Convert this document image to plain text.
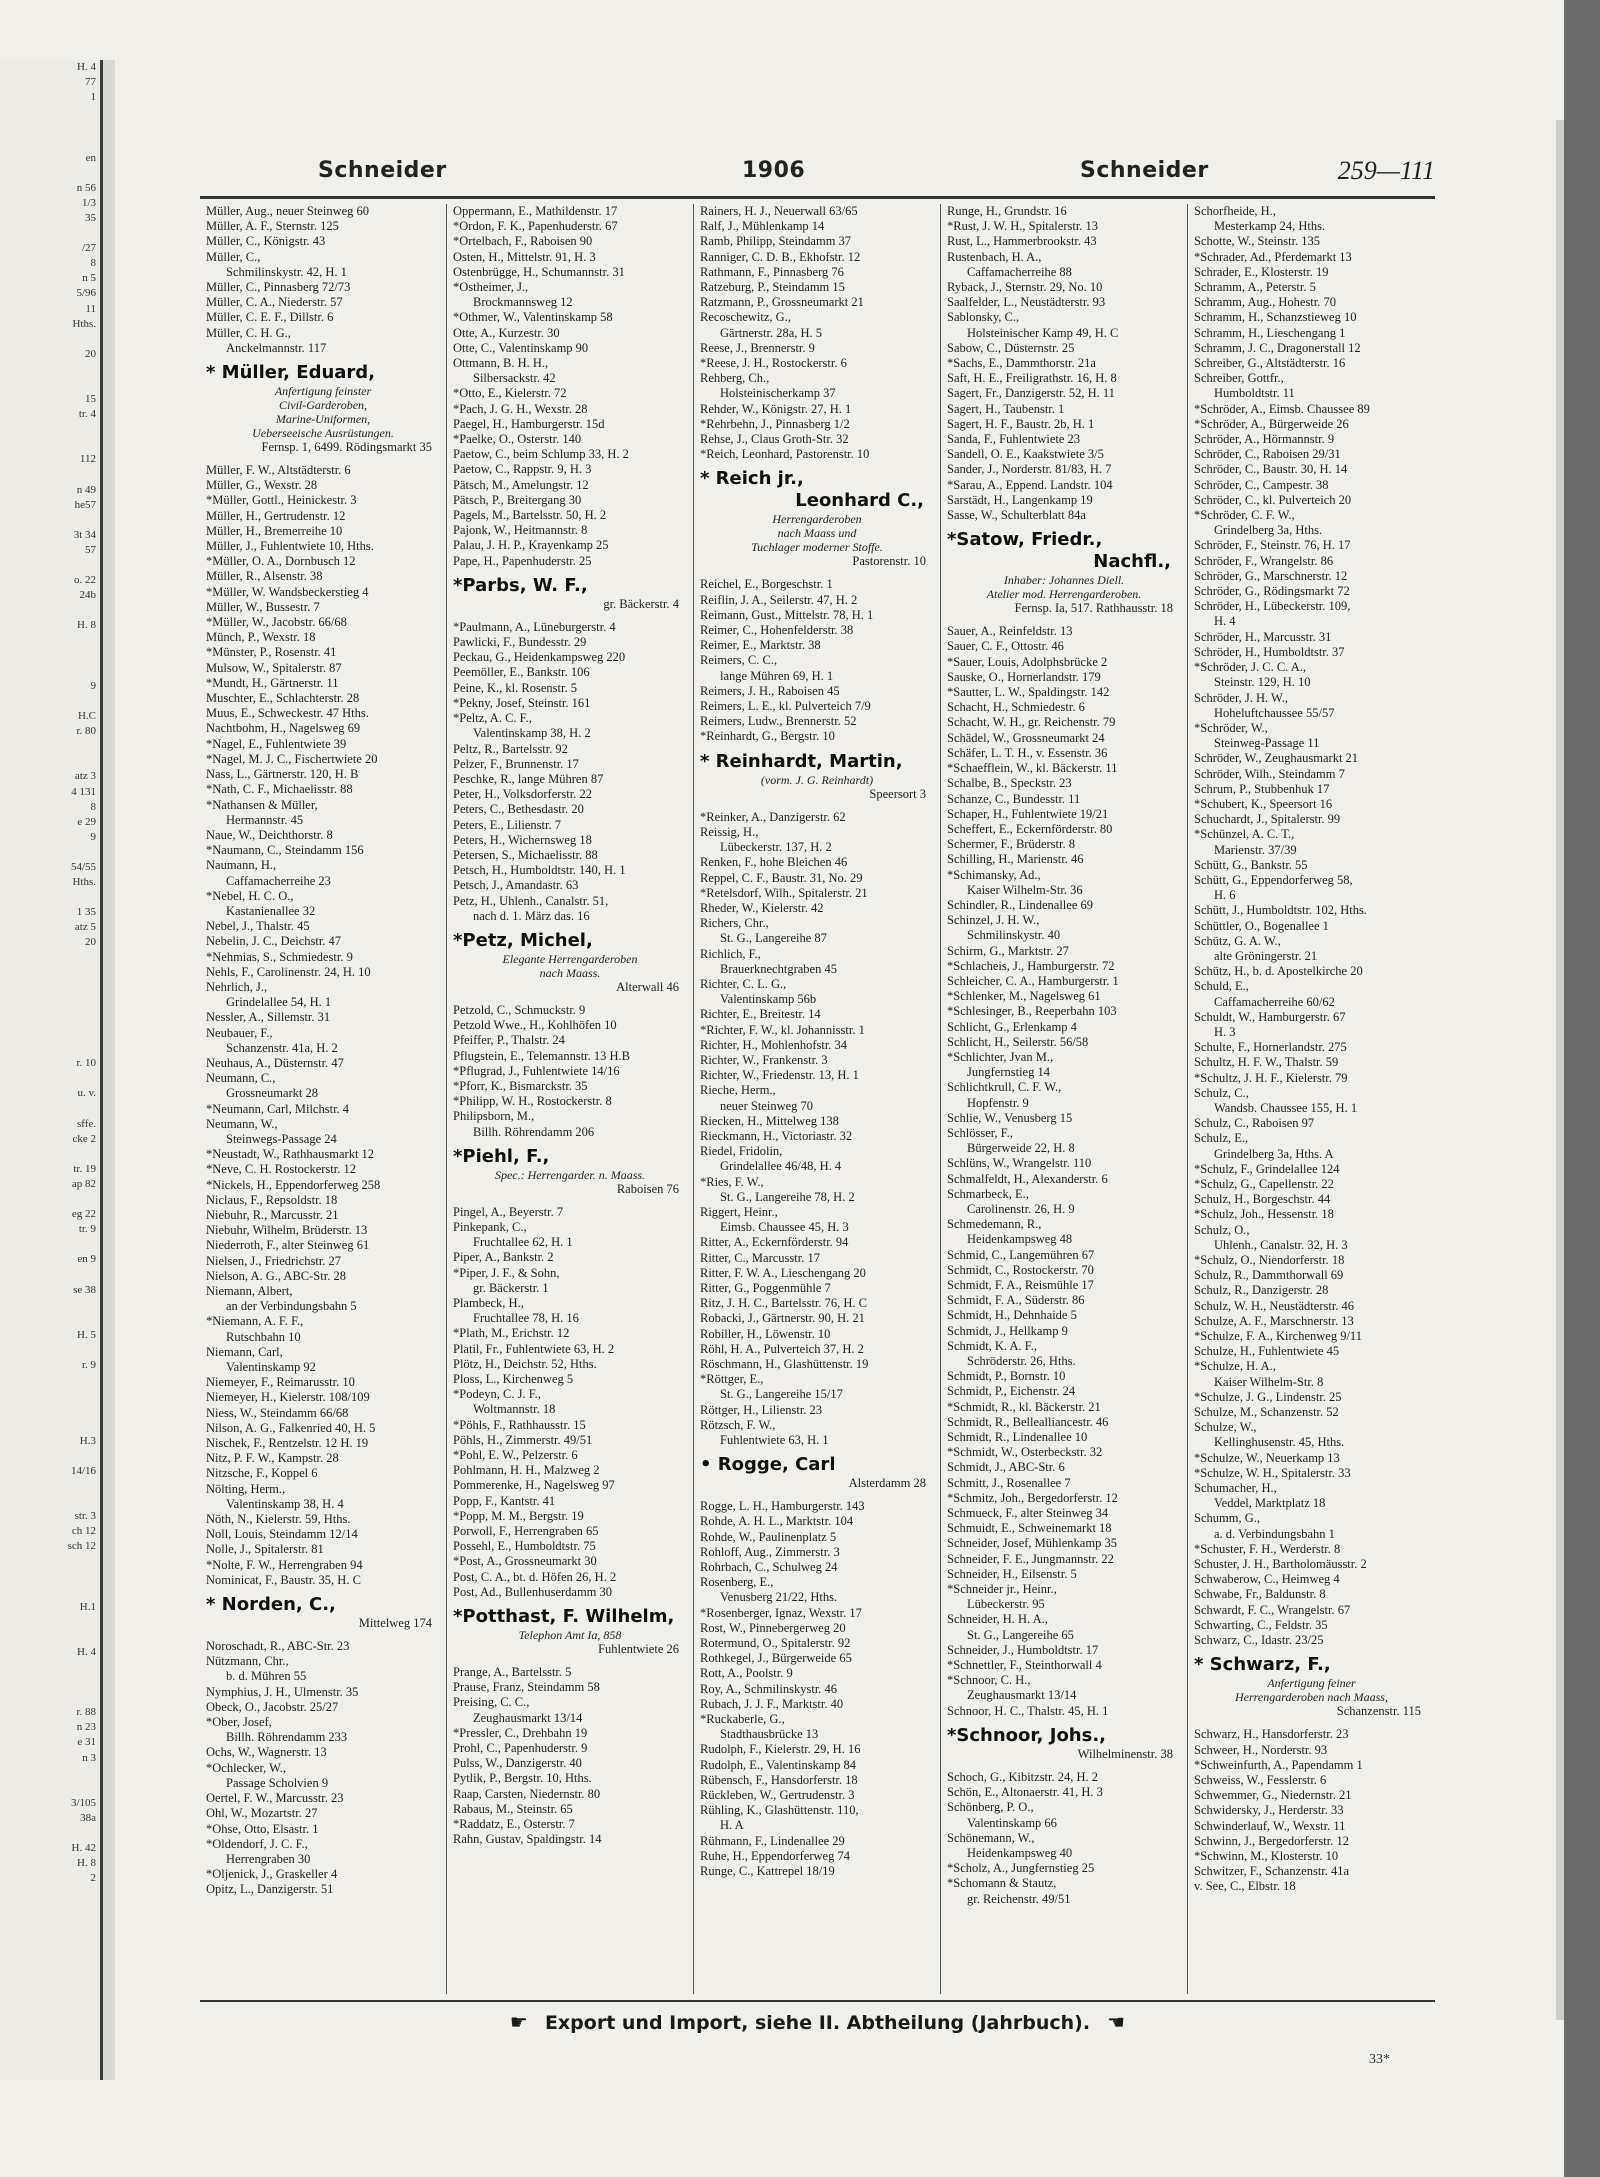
H. 4
77
1

en

n 56
1/3
35

/27
8
n 5
5/96
11
Hths.

20

15
tr. 4

112

n 49
he57

3t 34
57

o. 22
24b

H. 8

9

H.C
r. 80

atz 3
4 131
8
e 29
9

54/55
Hths.

1 35
atz 5
20

r. 10

u. v.

sffe.
cke 2

tr. 19
ap 82

eg 22
tr. 9

en 9

se 38

H. 5

r. 9

H.3

14/16

str. 3
ch 12
sch 12

H.1

H. 4

r. 88
n 23
e 31
n 3

3/105
38a

H. 42
H. 8
2
Schneider	1906	Schneider	259—111
Müller, Aug., neuer Steinweg 60
Müller, A. F., Sternstr. 125
Müller, C., Königstr. 43
Müller, C.,
Schmilinskystr. 42, H. 1
Müller, C., Pinnasberg 72/73
Müller, C. A., Niederstr. 57
Müller, C. E. F., Dillstr. 6
Müller, C. H. G.,
Anckelmannstr. 117
* Müller, Eduard,
Anfertigung feinster
Civil-Garderoben,
Marine-Uniformen,
Ueberseeische Ausrüstungen.
Fernsp. 1, 6499. Rödingsmarkt 35
Müller, F. W., Altstädterstr. 6
Müller, G., Wexstr. 28
*Müller, Gottl., Heinickestr. 3
Müller, H., Gertrudenstr. 12
Müller, H., Bremerreihe 10
Müller, J., Fuhlentwiete 10, Hths.
*Müller, O. A., Dornbusch 12
Müller, R., Alsenstr. 38
*Müller, W. Wandsbeckerstieg 4
Müller, W., Bussestr. 7
*Müller, W., Jacobstr. 66/68
Münch, P., Wexstr. 18
*Münster, P., Rosenstr. 41
Mulsow, W., Spitalerstr. 87
*Mundt, H., Gärtnerstr. 11
Muschter, E., Schlachterstr. 28
Muus, E., Schweckestr. 47 Hths.
Nachtbohm, H., Nagelsweg 69
*Nagel, E., Fuhlentwiete 39
*Nagel, M. J. C., Fischertwiete 20
Nass, L., Gärtnerstr. 120, H. B
*Nath, C. F., Michaelisstr. 88
*Nathansen & Müller,
Hermannstr. 45
Naue, W., Deichthorstr. 8
*Naumann, C., Steindamm 156
Naumann, H.,
Caffamacherreihe 23
*Nebel, H. C. O.,
Kastanienallee 32
Nebel, J., Thalstr. 45
Nebelin, J. C., Deichstr. 47
*Nehmias, S., Schmiedestr. 9
Nehls, F., Carolinenstr. 24, H. 10
Nehrlich, J.,
Grindelallee 54, H. 1
Nessler, A., Sillemstr. 31
Neubauer, F.,
Schanzenstr. 41a, H. 2
Neuhaus, A., Düsternstr. 47
Neumann, C.,
Grossneumarkt 28
*Neumann, Carl, Milchstr. 4
Neumann, W.,
Steinwegs-Passage 24
*Neustadt, W., Rathhausmarkt 12
*Neve, C. H. Rostockerstr. 12
*Nickels, H., Eppendorferweg 258
Niclaus, F., Repsoldstr. 18
Niebuhr, R., Marcusstr. 21
Niebuhr, Wilhelm, Brüderstr. 13
Niederroth, F., alter Steinweg 61
Nielsen, J., Friedrichstr. 27
Nielson, A. G., ABC-Str. 28
Niemann, Albert,
an der Verbindungsbahn 5
*Niemann, A. F. F.,
Rutschbahn 10
Niemann, Carl,
Valentinskamp 92
Niemeyer, F., Reimarusstr. 10
Niemeyer, H., Kielerstr. 108/109
Niess, W., Steindamm 66/68
Nilson, A. G., Falkenried 40, H. 5
Nischek, F., Rentzelstr. 12 H. 19
Nitz, P. F. W., Kampstr. 28
Nitzsche, F., Koppel 6
Nölting, Herm.,
Valentinskamp 38, H. 4
Nöth, N., Kielerstr. 59, Hths.
Noll, Louis, Steindamm 12/14
Nolle, J., Spitalerstr. 81
*Nolte, F. W., Herrengraben 94
Nominicat, F., Baustr. 35, H. C
* Norden, C.,
Mittelweg 174
Noroschadt, R., ABC-Str. 23
Nützmann, Chr.,
b. d. Mühren 55
Nymphius, J. H., Ulmenstr. 35
Obeck, O., Jacobstr. 25/27
*Ober, Josef,
Billh. Röhrendamm 233
Ochs, W., Wagnerstr. 13
*Ochlecker, W.,
Passage Scholvien 9
Oertel, F. W., Marcusstr. 23
Ohl, W., Mozartstr. 27
*Ohse, Otto, Elsastr. 1
*Oldendorf, J. C. F.,
Herrengraben 30
*Oljenick, J., Graskeller 4
Opitz, L., Danzigerstr. 51
Oppermann, E., Mathildenstr. 17
*Ordon, F. K., Papenhuderstr. 67
*Ortelbach, F., Raboisen 90
Osten, H., Mittelstr. 91, H. 3
Ostenbrügge, H., Schumannstr. 31
*Ostheimer, J.,
Brockmannsweg 12
*Othmer, W., Valentinskamp 58
Otte, A., Kurzestr. 30
Otte, C., Valentinskamp 90
Ottmann, B. H. H.,
Silbersackstr. 42
*Otto, E., Kielerstr. 72
*Pach, J. G. H., Wexstr. 28
Paegel, H., Hamburgerstr. 15d
*Paelke, O., Osterstr. 140
Paetow, C., beim Schlump 33, H. 2
Paetow, C., Rappstr. 9, H. 3
Pätsch, M., Amelungstr. 12
Pätsch, P., Breitergang 30
Pagels, M., Bartelsstr. 50, H. 2
Pajonk, W., Heitmannstr. 8
Palau, J. H. P., Krayenkamp 25
Pape, H., Papenhuderstr. 25
*Parbs, W. F.,
gr. Bäckerstr. 4
*Paulmann, A., Lüneburgerstr. 4
Pawlicki, F., Bundesstr. 29
Peckau, G., Heidenkampsweg 220
Peemöller, E., Bankstr. 106
Peine, K., kl. Rosenstr. 5
*Pekny, Josef, Steinstr. 161
*Peltz, A. C. F.,
Valentinskamp 38, H. 2
Peltz, R., Bartelsstr. 92
Pelzer, F., Brunnenstr. 17
Peschke, R., lange Mühren 87
Peter, H., Volksdorferstr. 22
Peters, C., Bethesdastr. 20
Peters, E., Lilienstr. 7
Peters, H., Wichernsweg 18
Petersen, S., Michaelisstr. 88
Petsch, H., Humboldtstr. 140, H. 1
Petsch, J., Amandastr. 63
Petz, H., Uhlenh., Canalstr. 51,
nach d. 1. März das. 16
*Petz, Michel,
Elegante Herrengarderoben
nach Maass.
Alterwall 46
Petzold, C., Schmuckstr. 9
Petzold Wwe., H., Kohlhöfen 10
Pfeiffer, P., Thalstr. 24
Pflugstein, E., Telemannstr. 13 H.B
*Pflugrad, J., Fuhlentwiete 14/16
*Pforr, K., Bismarckstr. 35
*Philipp, W. H., Rostockerstr. 8
Philipsborn, M.,
Billh. Röhrendamm 206
*Piehl, F.,
Spec.: Herrengarder. n. Maass.
Raboisen 76
Pingel, A., Beyerstr. 7
Pinkepank, C.,
Fruchtallee 62, H. 1
Piper, A., Bankstr. 2
*Piper, J. F., & Sohn,
gr. Bäckerstr. 1
Plambeck, H.,
Fruchtallee 78, H. 16
*Plath, M., Erichstr. 12
Platil, Fr., Fuhlentwiete 63, H. 2
Plötz, H., Deichstr. 52, Hths.
Ploss, L., Kirchenweg 5
*Podeyn, C. J. F.,
Woltmannstr. 18
*Pöhls, F., Rathhausstr. 15
Pöhls, H., Zimmerstr. 49/51
*Pohl, E. W., Pelzerstr. 6
Pohlmann, H. H., Malzweg 2
Pommerenke, H., Nagelsweg 97
Popp, F., Kantstr. 41
*Popp, M. M., Bergstr. 19
Porwoll, F., Herrengraben 65
Possehl, E., Humboldtstr. 75
*Post, A., Grossneumarkt 30
Post, C. A., bt. d. Höfen 26, H. 2
Post, Ad., Bullenhuserdamm 30
*Potthast, F. Wilhelm,
Telephon Amt Ia, 858
Fuhlentwiete 26
Prange, A., Bartelsstr. 5
Prause, Franz, Steindamm 58
Preising, C. C.,
Zeughausmarkt 13/14
*Pressler, C., Drehbahn 19
Prohl, C., Papenhuderstr. 9
Pulss, W., Danzigerstr. 40
Pytlik, P., Bergstr. 10, Hths.
Raap, Carsten, Niedernstr. 80
Rabaus, M., Steinstr. 65
*Raddatz, E., Osterstr. 7
Rahn, Gustav, Spaldingstr. 14
Rainers, H. J., Neuerwall 63/65
Ralf, J., Mühlenkamp 14
Ramb, Philipp, Steindamm 37
Ranniger, C. D. B., Ekhofstr. 12
Rathmann, F., Pinnasberg 76
Ratzeburg, P., Steindamm 15
Ratzmann, P., Grossneumarkt 21
Recoschewitz, G.,
Gärtnerstr. 28a, H. 5
Reese, J., Brennerstr. 9
*Reese, J. H., Rostockerstr. 6
Rehberg, Ch.,
Holsteinischerkamp 37
Rehder, W., Königstr. 27, H. 1
*Rehrbehn, J., Pinnasberg 1/2
Rehse, J., Claus Groth-Str. 32
*Reich, Leonhard, Pastorenstr. 10
* Reich jr.,
Leonhard C.,
Herrengarderoben
nach Maass und
Tuchlager moderner Stoffe.
Pastorenstr. 10
Reichel, E., Borgeschstr. 1
Reiflin, J. A., Seilerstr. 47, H. 2
Reimann, Gust., Mittelstr. 78, H. 1
Reimer, C., Hohenfelderstr. 38
Reimer, E., Marktstr. 38
Reimers, C. C.,
lange Mühren 69, H. 1
Reimers, J. H., Raboisen 45
Reimers, L. E., kl. Pulverteich 7/9
Reimers, Ludw., Brennerstr. 52
*Reinhardt, G., Bergstr. 10
* Reinhardt, Martin,
(vorm. J. G. Reinhardt)
Speersort 3
*Reinker, A., Danzigerstr. 62
Reissig, H.,
Lübeckerstr. 137, H. 2
Renken, F., hohe Bleichen 46
Reppel, C. F., Baustr. 31, No. 29
*Retelsdorf, Wilh., Spitalerstr. 21
Rheder, W., Kielerstr. 42
Richers, Chr.,
St. G., Langereihe 87
Richlich, F.,
Brauerknechtgraben 45
Richter, C. L. G.,
Valentinskamp 56b
Richter, E., Breitestr. 14
*Richter, F. W., kl. Johannisstr. 1
Richter, H., Mohlenhofstr. 34
Richter, W., Frankenstr. 3
Richter, W., Friedenstr. 13, H. 1
Rieche, Herm.,
neuer Steinweg 70
Riecken, H., Mittelweg 138
Rieckmann, H., Victoriastr. 32
Riedel, Fridolin,
Grindelallee 46/48, H. 4
*Ries, F. W.,
St. G., Langereihe 78, H. 2
Riggert, Heinr.,
Eimsb. Chaussee 45, H. 3
Ritter, A., Eckernförderstr. 94
Ritter, C., Marcusstr. 17
Ritter, F. W. A., Lieschengang 20
Ritter, G., Poggenmühle 7
Ritz, J. H. C., Bartelsstr. 76, H. C
Robacki, J., Gärtnerstr. 90, H. 21
Robiller, H., Löwenstr. 10
Röhl, H. A., Pulverteich 37, H. 2
Röschmann, H., Glashüttenstr. 19
*Röttger, E.,
St. G., Langereihe 15/17
Röttger, H., Lilienstr. 23
Rötzsch, F. W.,
Fuhlentwiete 63, H. 1
• Rogge, Carl
Alsterdamm 28
Rogge, L. H., Hamburgerstr. 143
Rohde, A. H. L., Marktstr. 104
Rohde, W., Paulinenplatz 5
Rohloff, Aug., Zimmerstr. 3
Rohrbach, C., Schulweg 24
Rosenberg, E.,
Venusberg 21/22, Hths.
*Rosenberger, Ignaz, Wexstr. 17
Rost, W., Pinnebergerweg 20
Rotermund, O., Spitalerstr. 92
Rothkegel, J., Bürgerweide 65
Rott, A., Poolstr. 9
Roy, A., Schmilinskystr. 46
Rubach, J. J. F., Marktstr. 40
*Ruckaberle, G.,
Stadthausbrücke 13
Rudolph, F., Kielerstr. 29, H. 16
Rudolph, E., Valentinskamp 84
Rübensch, F., Hansdorferstr. 18
Rückleben, W., Gertrudenstr. 3
Rühling, K., Glashüttenstr. 110,
H. A
Rühmann, F., Lindenallee 29
Ruhe, H., Eppendorferweg 74
Runge, C., Kattrepel 18/19
Runge, H., Grundstr. 16
*Rust, J. W. H., Spitalerstr. 13
Rust, L., Hammerbrookstr. 43
Rustenbach, H. A.,
Caffamacherreihe 88
Ryback, J., Sternstr. 29, No. 10
Saalfelder, L., Neustädterstr. 93
Sablonsky, C.,
Holsteinischer Kamp 49, H. C
Sabow, C., Düsternstr. 25
*Sachs, E., Dammthorstr. 21a
Saft, H. E., Freiligrathstr. 16, H. 8
Sagert, Fr., Danzigerstr. 52, H. 11
Sagert, H., Taubenstr. 1
Sagert, H. F., Baustr. 2b, H. 1
Sanda, F., Fuhlentwiete 23
Sandell, O. E., Kaakstwiete 3/5
Sander, J., Norderstr. 81/83, H. 7
*Sarau, A., Eppend. Landstr. 104
Sarstädt, H., Langenkamp 19
Sasse, W., Schulterblatt 84a
*Satow, Friedr.,
Nachfl.,
Inhaber: Johannes Diell.
Atelier mod. Herrengarderoben.
Fernsp. Ia, 517. Rathhausstr. 18
Sauer, A., Reinfeldstr. 13
Sauer, C. F., Ottostr. 46
*Sauer, Louis, Adolphsbrücke 2
Sauske, O., Hornerlandstr. 179
*Sautter, L. W., Spaldingstr. 142
Schacht, H., Schmiedestr. 6
Schacht, W. H., gr. Reichenstr. 79
Schädel, W., Grossneumarkt 24
Schäfer, L. T. H., v. Essenstr. 36
*Schaefflein, W., kl. Bäckerstr. 11
Schalbe, B., Speckstr. 23
Schanze, C., Bundesstr. 11
Schaper, H., Fuhlentwiete 19/21
Scheffert, E., Eckernförderstr. 80
Schermer, F., Brüderstr. 8
Schilling, H., Marienstr. 46
*Schimansky, Ad.,
Kaiser Wilhelm-Str. 36
Schindler, R., Lindenallee 69
Schinzel, J. H. W.,
Schmilinskystr. 40
Schirm, G., Marktstr. 27
*Schlacheis, J., Hamburgerstr. 72
Schleicher, C. A., Hamburgerstr. 1
*Schlenker, M., Nagelsweg 61
*Schlesinger, B., Reeperbahn 103
Schlicht, G., Erlenkamp 4
Schlicht, H., Seilerstr. 56/58
*Schlichter, Jvan M.,
Jungfernstieg 14
Schlichtkrull, C. F. W.,
Hopfenstr. 9
Schlie, W., Venusberg 15
Schlösser, F.,
Bürgerweide 22, H. 8
Schlüns, W., Wrangelstr. 110
Schmalfeldt, H., Alexanderstr. 6
Schmarbeck, E.,
Carolinenstr. 26, H. 9
Schmedemann, R.,
Heidenkampsweg 48
Schmid, C., Langemühren 67
Schmidt, C., Rostockerstr. 70
Schmidt, F. A., Reismühle 17
Schmidt, F. A., Süderstr. 86
Schmidt, H., Dehnhaide 5
Schmidt, J., Hellkamp 9
Schmidt, K. A. F.,
Schröderstr. 26, Hths.
Schmidt, P., Bornstr. 10
Schmidt, P., Eichenstr. 24
*Schmidt, R., kl. Bäckerstr. 21
Schmidt, R., Bellealliancestr. 46
Schmidt, R., Lindenallee 10
*Schmidt, W., Osterbeckstr. 32
Schmidt, J., ABC-Str. 6
Schmitt, J., Rosenallee 7
*Schmitz, Joh., Bergedorferstr. 12
Schmueck, F., alter Steinweg 34
Schmuidt, E., Schweinemarkt 18
Schneider, Josef, Mühlenkamp 35
Schneider, F. E., Jungmannstr. 22
Schneider, H., Eilsenstr. 5
*Schneider jr., Heinr.,
Lübeckerstr. 95
Schneider, H. H. A.,
St. G., Langereihe 65
Schneider, J., Humboldtstr. 17
*Schnettler, F., Steinthorwall 4
*Schnoor, C. H.,
Zeughausmarkt 13/14
Schnoor, H. C., Thalstr. 45, H. 1
*Schnoor, Johs.,
Wilhelminenstr. 38
Schoch, G., Kibitzstr. 24, H. 2
Schön, E., Altonaerstr. 41, H. 3
Schönberg, P. O.,
Valentinskamp 66
Schönemann, W.,
Heidenkampsweg 40
*Scholz, A., Jungfernstieg 25
*Schomann & Stautz,
gr. Reichenstr. 49/51
Schorfheide, H.,
Mesterkamp 24, Hths.
Schotte, W., Steinstr. 135
*Schrader, Ad., Pferdemarkt 13
Schrader, E., Klosterstr. 19
Schramm, A., Peterstr. 5
Schramm, Aug., Hohestr. 70
Schramm, H., Schanzstieweg 10
Schramm, H., Lieschengang 1
Schramm, J. C., Dragonerstall 12
Schreiber, G., Altstädterstr. 16
Schreiber, Gottfr.,
Humboldtstr. 11
*Schröder, A., Eimsb. Chaussee 89
*Schröder, A., Bürgerweide 26
Schröder, A., Hörmannstr. 9
Schröder, C., Raboisen 29/31
Schröder, C., Baustr. 30, H. 14
Schröder, C., Campestr. 38
Schröder, C., kl. Pulverteich 20
*Schröder, C. F. W.,
Grindelberg 3a, Hths.
Schröder, F., Steinstr. 76, H. 17
Schröder, F., Wrangelstr. 86
Schröder, G., Marschnerstr. 12
Schröder, G., Rödingsmarkt 72
Schröder, H., Lübeckerstr. 109,
H. 4
Schröder, H., Marcusstr. 31
Schröder, H., Humboldtstr. 37
*Schröder, J. C. C. A.,
Steinstr. 129, H. 10
Schröder, J. H. W.,
Hoheluftchaussee 55/57
*Schröder, W.,
Steinweg-Passage 11
Schröder, W., Zeughausmarkt 21
Schröder, Wilh., Steindamm 7
Schrum, P., Stubbenhuk 17
*Schubert, K., Speersort 16
Schuchardt, J., Spitalerstr. 99
*Schünzel, A. C. T.,
Marienstr. 37/39
Schütt, G., Bankstr. 55
Schütt, G., Eppendorferweg 58,
H. 6
Schütt, J., Humboldtstr. 102, Hths.
Schüttler, O., Bogenallee 1
Schütz, G. A. W.,
alte Gröningerstr. 21
Schütz, H., b. d. Apostelkirche 20
Schuld, E.,
Caffamacherreihe 60/62
Schuldt, W., Hamburgerstr. 67
H. 3
Schulte, F., Hornerlandstr. 275
Schultz, H. F. W., Thalstr. 59
*Schultz, J. H. F., Kielerstr. 79
Schulz, C.,
Wandsb. Chaussee 155, H. 1
Schulz, C., Raboisen 97
Schulz, E.,
Grindelberg 3a, Hths. A
*Schulz, F., Grindelallee 124
*Schulz, G., Capellenstr. 22
Schulz, H., Borgeschstr. 44
*Schulz, Joh., Hessenstr. 18
Schulz, O.,
Uhlenh., Canalstr. 32, H. 3
*Schulz, O., Niendorferstr. 18
Schulz, R., Dammthorwall 69
Schulz, R., Danzigerstr. 28
Schulz, W. H., Neustädterstr. 46
Schulze, A. F., Marschnerstr. 13
*Schulze, F. A., Kirchenweg 9/11
Schulze, H., Fuhlentwiete 45
*Schulze, H. A.,
Kaiser Wilhelm-Str. 8
*Schulze, J. G., Lindenstr. 25
Schulze, M., Schanzenstr. 52
Schulze, W.,
Kellinghusenstr. 45, Hths.
*Schulze, W., Neuerkamp 13
*Schulze, W. H., Spitalerstr. 33
Schumacher, H.,
Veddel, Marktplatz 18
Schumm, G.,
a. d. Verbindungsbahn 1
*Schuster, F. H., Werderstr. 8
Schuster, J. H., Bartholomäusstr. 2
Schwaberow, C., Heimweg 4
Schwabe, Fr., Baldunstr. 8
Schwardt, F. C., Wrangelstr. 67
Schwarting, C., Feldstr. 35
Schwarz, C., Idastr. 23/25
* Schwarz, F.,
Anfertigung feiner
Herrengarderoben nach Maass,
Schanzenstr. 115
Schwarz, H., Hansdorferstr. 23
Schweer, H., Norderstr. 93
*Schweinfurth, A., Papendamm 1
Schweiss, W., Fesslerstr. 6
Schwemmer, G., Niedernstr. 21
Schwidersky, J., Herderstr. 33
Schwinderlauf, W., Wexstr. 11
Schwinn, J., Bergedorferstr. 12
*Schwinn, M., Klosterstr. 10
Schwitzer, F., Schanzenstr. 41a
v. See, C., Elbstr. 18
☛ Export und Import, siehe II. Abtheilung (Jahrbuch). ☚
33*
